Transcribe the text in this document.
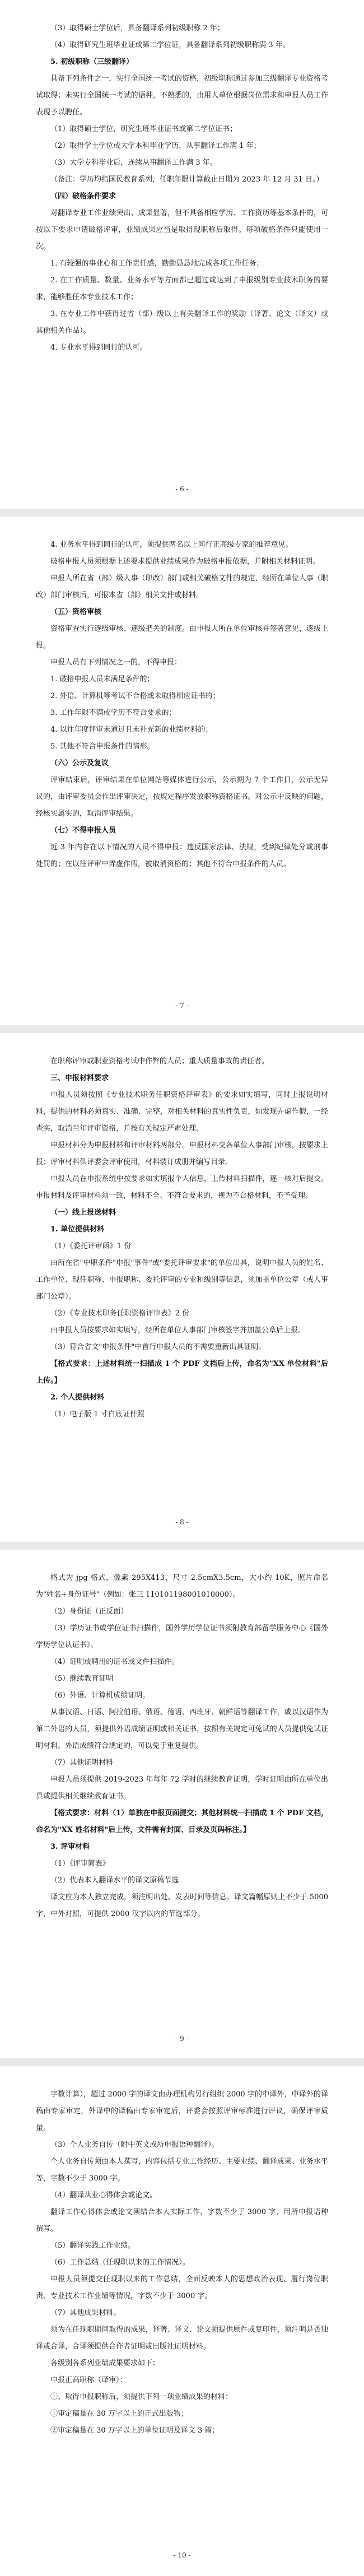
（3）取得硕士学位后，具备翻译系列初级职称 2 年；

（4）取得研究生班毕业证或第二学位证，具备翻译系列初级职称满 3 年。

5. 初级职称（三级翻译）

具备下列条件之一，实行全国统一考试的资格，初级职称通过参加三级翻译专业资格考试取得；未实行全国统一考试的语种，不熟悉的，由用人单位根据岗位需求和申报人员工作表现予以聘任。

（1）取得硕士学位，研究生班毕业证书或第二学位证书；

（2）取得学士学位或大学本科毕业学历，从事翻译工作满 1 年；

（3）大学专科毕业后，连续从事翻译工作满 3 年。

（备注：学历均指国民教育系列，任职年限计算截止日期为 2023 年 12 月 31 日。）

（四）破格条件要求

对翻译专业工作业绩突出、成果显著，但不具备相应学历、工作资历等基本条件的，可按以下要求申请破格评审，业绩成果应当是取得现职称后取得。每项破格条件只能使用一次。

1. 有较强的事业心和工作责任感，勤勤恳恳地完成各项工作任务；

2. 在工作质量、数量、业务水平等方面都已超过或达到了申报级别专业技术职务的要求，能够胜任本专业技术工作；

3. 在专业工作中获得过省（部）级以上有关翻译工作的奖励（译著、论文（译文）或其他相关作品）。

4. 专业水平得到同行的认可。

- 6 -

4. 业务水平得到同行的认可，须提供两名以上同行正高级专家的推荐意见。

破格申报人员须根据上述要求提供业绩成果作为破格申报依据，并附相关材料证明。

申报人所在省（部）级人事（职改）部门或相关破格文件的规定，经所在单位人事（职改）部门审核后，可报本省（部）相关文件或材料。

（五）资格审核

资格审查实行逐级审核、逐级把关的制度。由申报人所在单位审核并签署意见，逐级上报。

申报人员有下列情况之一的，不得申报：

1. 破格申报人员未满足条件的；

2. 外语、计算机等考试不合格或未取得相应证书的；

3. 工作年限不满或学历不符合要求的；

4. 以往年度评审未通过且未补充新的业绩材料的；

5. 其他不符合申报条件的情形。

（六）公示及复议

评审结束后，评审结果在单位网站等媒体进行公示，公示期为 7 个工作日，公示无异议的，由评审委员会作出评审决定，按规定程序发放职称资格证书。对公示中反映的问题，经核实属实的，取消评审结果。

（七）不得申报人员

近 3 年内存在以下情况的人员不得申报：违反国家法律、法规，受到纪律处分或刑事处罚的；在以往评审中弄虚作假，被取消资格的；其他不符合申报条件的人员。

- 7 -

在职称评审或职业资格考试中作弊的人员；重大质量事故的责任者。

三、申报材料要求

申报人员须按照《专业技术职务任职资格评审表》的要求如实填写，同时上报说明材料，提供的材料必须真实、准确、完整，对相关材料的真实性负责，如发现弄虚作假，一经查实，取消当年评审资格，并按有关规定严肃处理。

申报材料分为申报材料和评审材料两部分。申报材料交各单位人事部门审核，按要求上报；评审材料供评委会评审使用，材料装订成册并编写目录。

申报人员在申报系统中按要求如实填报个人信息，上传材料扫描件，逐一核对后提交。申报材料及评审材料须一致，材料不全、不符合要求的，视为不合格材料，不予受理。

（一）线上报送材料

1. 单位提供材料

（1）《委托评审函》1 份

由所在省"中职条件"申报"事件"或"委托评审要求"的单位出具，说明申报人员的姓名、工作单位、现任职称、申报职称、委托评审的专业和级别等信息，须加盖单位公章（或人事部门公章）。

（2）《专业技术职务任职资格评审表》2 份

由申报人员按要求如实填写，经所在单位人事部门审核签字并加盖公章后上报。

（3）符合省文"申报条件"中首行申报人员的不需要重新出具证明。

【格式要求：上述材料统一扫描成 1 个 PDF 文档后上传，命名为"XX 单位材料"后上传。】

2. 个人提供材料

（1）电子版 1 寸白底证件照

- 8 -

格式为 jpg 格式，像素 295X413，尺寸 2.5cmX3.5cm，大小约 10K，照片命名为"姓名+身份证号"（例如：张三 110101198001010000）。

（2）身份证（正反面）

（3）学历证书或学位证书扫描件，国外学历学位证书须附教育部留学服务中心《国外学历学位认证书》。

（4）证明或聘用的证书或文件扫描件。

（5）继续教育证明

（6）外语、计算机成绩证明。

从事汉语、日语、阿拉伯语、俄语、德语、西班牙、朝鲜语等翻译工作，或以汉语作为第二外语的人员，须提供外语成绩证明或相关证书，按照有关规定可免试的人员提供免试证明材料。外语成绩符合规定的，可以免于重复提供。

（7）其他证明材料

申报人员须提供 2019-2023 年每年 72 学时的继续教育证明，学时证明由所在单位出具或提供相关继续教育证书。

【格式要求：材料（1）单独在申报页面提交；其他材料统一扫描成 1 个 PDF 文档，命名为"XX 姓名材料"后上传，文件需有封面、目录及页码标注。】

3. 评审材料

（1）《评审简表》

（2）代表本人翻译水平的译文原稿节选

译文应为本人独立完成，须注明出处、发表时间等信息。译文篇幅原则上不少于 5000 字，中外对照，可提供 2000 汉字以内的节选部分。

- 9 -

字数计算），超过 2000 字的译文由办理机构另行组织 2000 字的中译外，中译外的译稿由专家审定，外译中的译稿由专家审定后，评委会按照评审标准进行评议，确保评审质量。

（3）个人业务自传（附中英文或所申报语种翻译）。

个人业务自传须由本人撰写，内容包括专业工作经历、主要业绩、翻译成果、业务水平等，字数不少于 3000 字。

（4）翻译从业心得体会或论文。

翻译工作心得体会或论文须结合本人实际工作，字数不少于 3000 字，用所申报语种撰写。

（5）翻译实践工作业绩。

（6）工作总结（任现职以来的工作情况）。

申报人员须提交任现职以来的工作总结，全面反映本人的思想政治表现、履行岗位职责、专业技术工作业绩等情况，字数不少于 3000 字。

（7）其他成果材料。

须为在任现职期间取得的成果，译著、译文、论文须提供原件或复印件，须注明是否独译或合译，合译须提供合作者证明或出版社证明材料。

各级别各系列业绩成果要求如下：

申报正高职称（译审）：

①、取得申报职称后，须提供下列一项业绩成果的材料：

①审定稿量在 30 万字以上的正式出版物；

②审定稿量在 30 万字以上的单位证明及译文 3 篇；

- 10 -
